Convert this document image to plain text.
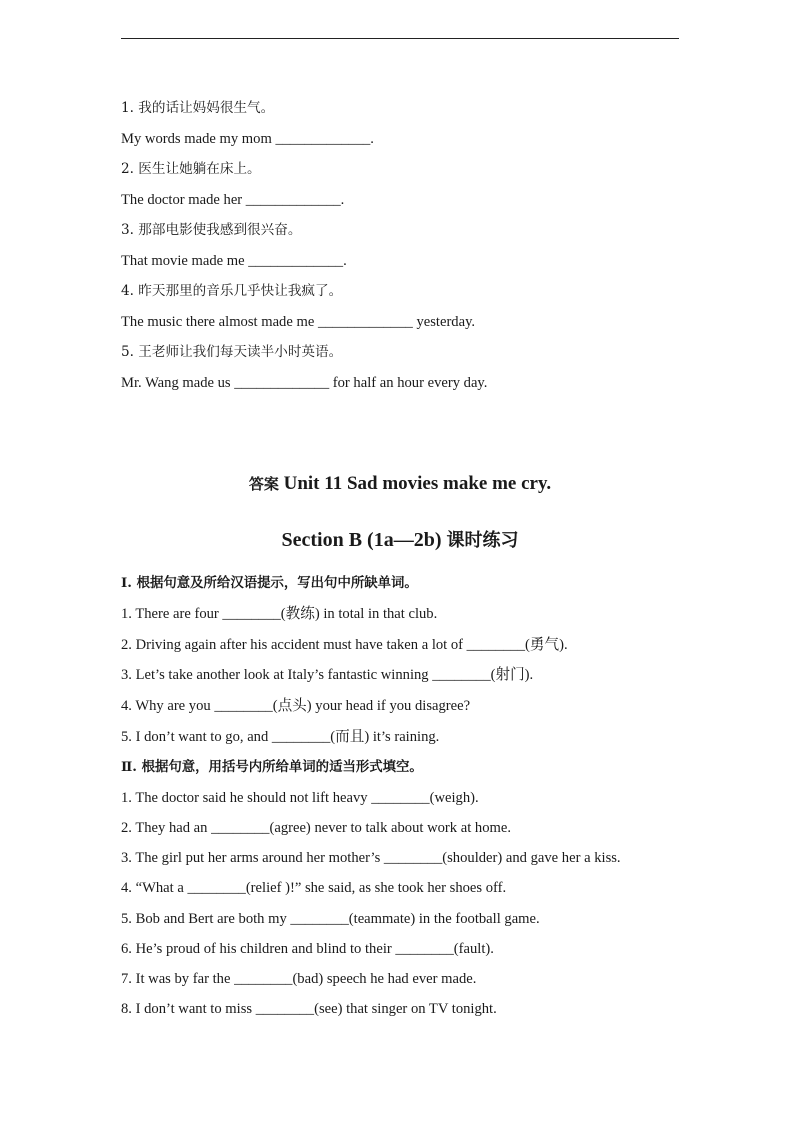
1. 我的话让妈妈很生气。
My words made my mom _____________.
2. 医生让她躺在床上。
The doctor made her _____________.
3. 那部电影使我感到很兴奋。
That movie made me _____________.
4. 昨天那里的音乐几乎快让我疯了。
The music there almost made me _____________ yesterday.
5. 王老师让我们每天读半小时英语。
Mr. Wang made us _____________ for half an hour every day.
答案 Unit 11 Sad movies make me cry.
Section B (1a—2b) 课时练习
Ⅰ. 根据句意及所给汉语提示，写出句中所缺单词。
1. There are four ________(教练) in total in that club.
2. Driving again after his accident must have taken a lot of ________(勇气).
3. Let’s take another look at Italy’s fantastic winning ________(射门).
4. Why are you ________(点头) your head if you disagree?
5. I don’t want to go, and ________(而且) it’s raining.
Ⅱ. 根据句意，用括号内所给单词的适当形式填空。
1. The doctor said he should not lift heavy ________(weigh).
2. They had an ________(agree) never to talk about work at home.
3. The girl put her arms around her mother’s ________(shoulder) and gave her a kiss.
4. “What a ________(relief )!” she said, as she took her shoes off.
5. Bob and Bert are both my ________(teammate) in the football game.
6. He’s proud of his children and blind to their ________(fault).
7. It was by far the ________(bad) speech he had ever made.
8. I don’t want to miss ________(see) that singer on TV tonight.
